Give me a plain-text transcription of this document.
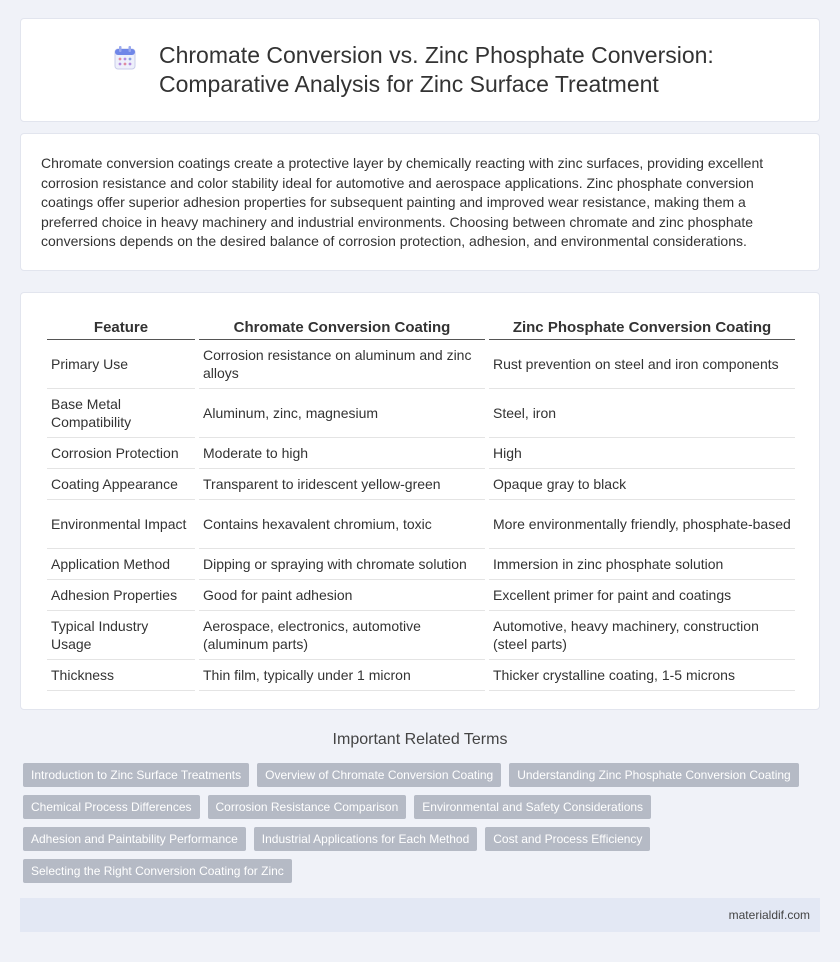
Chromate Conversion vs. Zinc Phosphate Conversion: Comparative Analysis for Zinc Surface Treatment

Chromate conversion coatings create a protective layer by chemically reacting with zinc surfaces, providing excellent corrosion resistance and color stability ideal for automotive and aerospace applications. Zinc phosphate conversion coatings offer superior adhesion properties for subsequent painting and improved wear resistance, making them a preferred choice in heavy machinery and industrial environments. Choosing between chromate and zinc phosphate conversions depends on the desired balance of corrosion protection, adhesion, and environmental considerations.

Feature	Chromate Conversion Coating	Zinc Phosphate Conversion Coating
Primary Use	Corrosion resistance on aluminum and zinc alloys	Rust prevention on steel and iron components
Base Metal Compatibility	Aluminum, zinc, magnesium	Steel, iron
Corrosion Protection	Moderate to high	High
Coating Appearance	Transparent to iridescent yellow-green	Opaque gray to black
Environmental Impact	Contains hexavalent chromium, toxic	More environmentally friendly, phosphate-based
Application Method	Dipping or spraying with chromate solution	Immersion in zinc phosphate solution
Adhesion Properties	Good for paint adhesion	Excellent primer for paint and coatings
Typical Industry Usage	Aerospace, electronics, automotive (aluminum parts)	Automotive, heavy machinery, construction (steel parts)
Thickness	Thin film, typically under 1 micron	Thicker crystalline coating, 1-5 microns
Important Related Terms
Introduction to Zinc Surface Treatments	Overview of Chromate Conversion Coating	Understanding Zinc Phosphate Conversion Coating
Chemical Process Differences	Corrosion Resistance Comparison	Environmental and Safety Considerations
Adhesion and Paintability Performance	Industrial Applications for Each Method	Cost and Process Efficiency
Selecting the Right Conversion Coating for Zinc
materialdif.com
